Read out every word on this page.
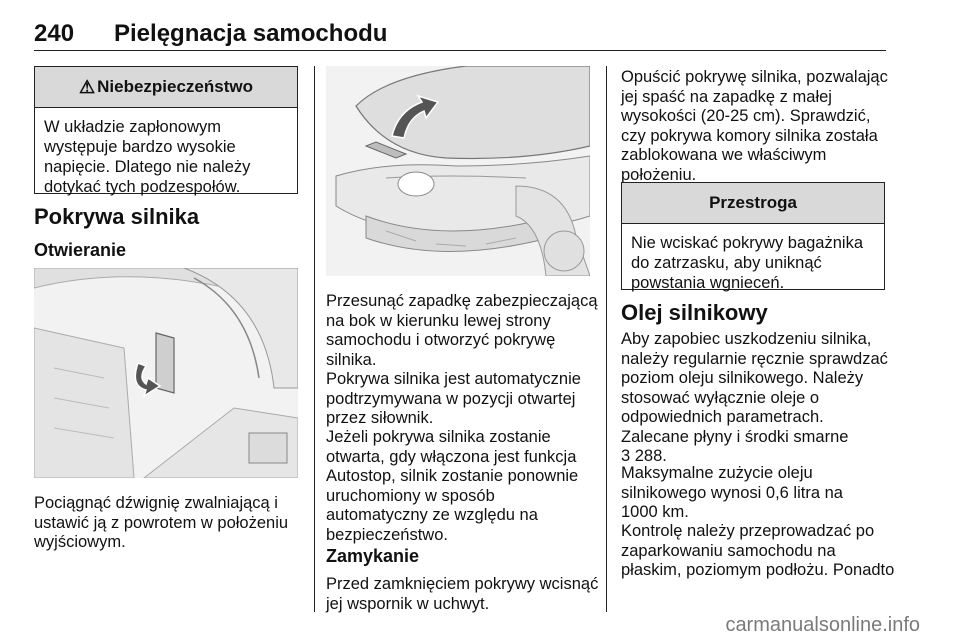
240 Pielęgnacja samochodu
⚠ Niebezpieczeństwo
W układzie zapłonowym
występuje bardzo wysokie
napięcie. Dlatego nie należy
dotykać tych podzespołów.
Pokrywa silnika
Otwieranie

Pociągnąć dźwignię zwalniającą i
ustawić ją z powrotem w położeniu
wyjściowym.

Przesunąć zapadkę zabezpieczającą
na bok w kierunku lewej strony
samochodu i otworzyć pokrywę
silnika.

Pokrywa silnika jest automatycznie
podtrzymywana w pozycji otwartej
przez siłownik.

Jeżeli pokrywa silnika zostanie
otwarta, gdy włączona jest funkcja
Autostop, silnik zostanie ponownie
uruchomiony w sposób
automatyczny ze względu na
bezpieczeństwo.

Zamykanie

Przed zamknięciem pokrywy wcisnąć
jej wspornik w uchwyt.

Opuścić pokrywę silnika, pozwalając
jej spaść na zapadkę z małej
wysokości (20-25 cm). Sprawdzić,
czy pokrywa komory silnika została
zablokowana we właściwym
położeniu.

Przestroga
Nie wciskać pokrywy bagażnika
do zatrzasku, aby uniknąć
powstania wgnieceń.
Olej silnikowy

Aby zapobiec uszkodzeniu silnika,
należy regularnie ręcznie sprawdzać
poziom oleju silnikowego. Należy
stosować wyłącznie oleje o
odpowiednich parametrach.
Zalecane płyny i środki smarne
3 288.

Maksymalne zużycie oleju
silnikowego wynosi 0,6 litra na
1000 km.

Kontrolę należy przeprowadzać po
zaparkowaniu samochodu na
płaskim, poziomym podłożu. Ponadto

carmanualsonline.info
